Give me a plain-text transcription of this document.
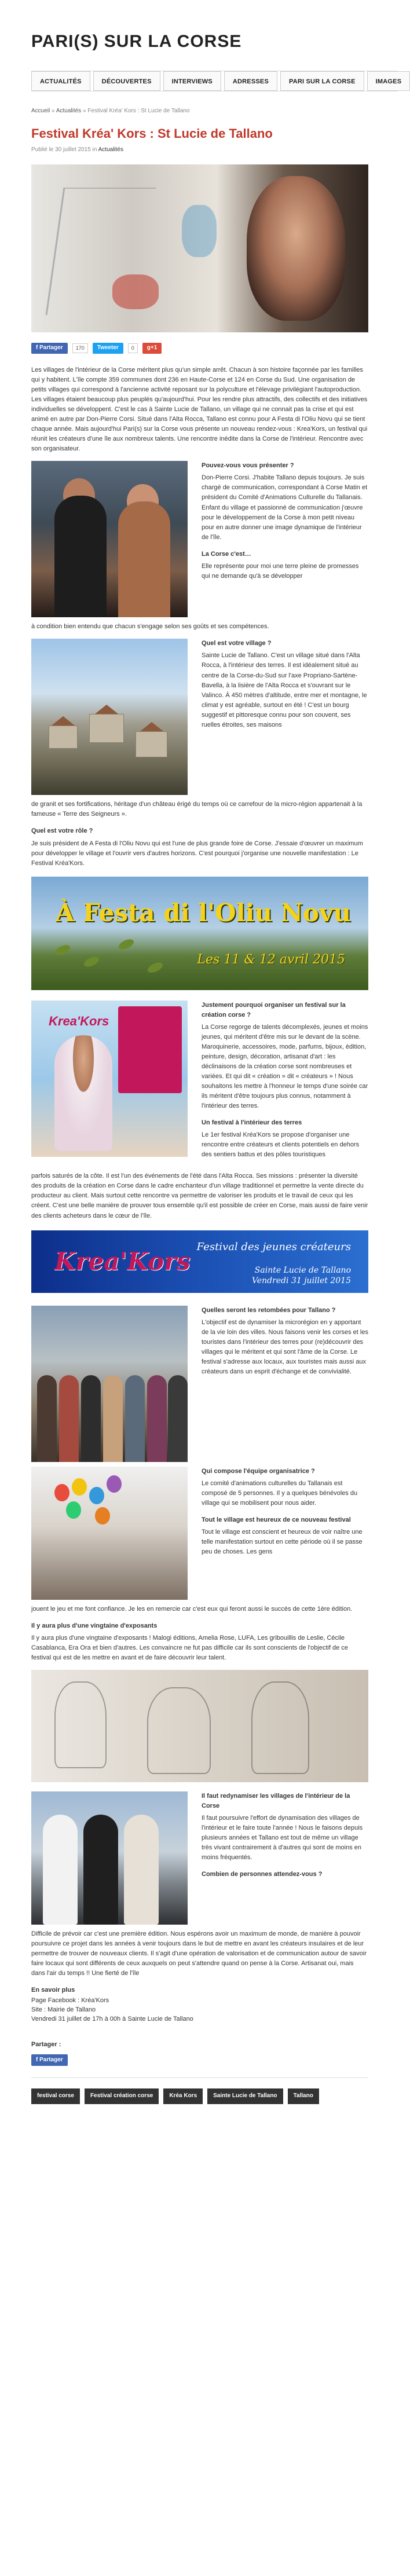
PARI(S) SUR LA CORSE
ACTUALITÉS	DÉCOUVERTES	INTERVIEWS	ADRESSES	PARI SUR LA CORSE	IMAGES
Accueil » Actualités » Festival Kréa' Kors : St Lucie de Tallano
Festival Kréa' Kors : St Lucie de Tallano
Publié le 30 juillet 2015 in Actualités
f Partager	170	Tweeter	0	g+1

Les villages de l'intérieur de la Corse méritent plus qu'un simple arrêt. Chacun à son histoire façonnée par les familles qui y habitent. L'île compte 359 communes dont 236 en Haute-Corse et 124 en Corse du Sud. Une organisation de petits villages qui correspond à l'ancienne activité reposant sur la polyculture et l'élevage privilégiant l'autoproduction. Les villages étaient beaucoup plus peuplés qu'aujourd'hui. Pour les rendre plus attractifs, des collectifs et des initiatives individuelles se développent. C'est le cas à Sainte Lucie de Tallano, un village qui ne connait pas la crise et qui est animé en autre par Don-Pierre Corsi. Situé dans l'Alta Rocca, Tallano est connu pour A Festa di l'Oliu Novu qui se tient chaque année. Mais aujourd'hui Pari(s) sur la Corse vous présente un nouveau rendez-vous : Krea'Kors, un festival qui réunit les créateurs d'une île aux nombreux talents. Une rencontre inédite dans la Corse de l'intérieur. Rencontre avec son organisateur.

Pouvez-vous vous présenter ?

Don-Pierre Corsi. J'habite Tallano depuis toujours. Je suis chargé de communication, correspondant à Corse Matin et président du Comité d'Animations Culturelle du Tallanais. Enfant du village et passionné de communication j'œuvre pour le développement de la Corse à mon petit niveau pour en autre donner une image dynamique de l'intérieur de l'île.

La Corse c'est…

Elle représente pour moi une terre pleine de promesses qui ne demande qu'à se développer

à condition bien entendu que chacun s'engage selon ses goûts et ses compétences.

Quel est votre village ?

Sainte Lucie de Tallano. C'est un village situé dans l'Alta Rocca, à l'intérieur des terres. Il est idéalement situé au centre de la Corse-du-Sud sur l'axe Propriano-Sartène-Bavella, à la lisière de l'Alta Rocca et s'ouvrant sur le Valinco. À 450 mètres d'altitude, entre mer et montagne, le climat y est agréable, surtout en été ! C'est un bourg suggestif et pittoresque connu pour son couvent, ses ruelles étroites, ses maisons

de granit et ses fortifications, héritage d'un château érigé du temps où ce carrefour de la micro-région appartenait à la fameuse « Terre des Seigneurs ».

Quel est votre rôle ?

Je suis président de A Festa di l'Oliu Novu qui est l'une de plus grande foire de Corse. J'essaie d'œuvrer un maximum pour développer le village et l'ouvrir vers d'autres horizons. C'est pourquoi j'organise une nouvelle manifestation : Le Festival Kréa'Kors.

À Festa di l'Oliu Novu
Les 11 & 12 avril 2015
Krea'Kors

Justement pourquoi organiser un festival sur la création corse ?

La Corse regorge de talents décomplexés, jeunes et moins jeunes, qui méritent d'être mis sur le devant de la scène. Maroquinerie, accessoires, mode, parfums, bijoux, édition, peinture, design, décoration, artisanat d'art : les déclinaisons de la création corse sont nombreuses et variées. Et qui dit « création » dit « créateurs » ! Nous souhaitons les mettre à l'honneur le temps d'une soirée car ils méritent d'être toujours plus connus, notamment à l'intérieur des terres.

Un festival à l'intérieur des terres

Le 1er festival Kréa'Kors se propose d'organiser une rencontre entre créateurs et clients potentiels en dehors des sentiers battus et des pôles touristiques

parfois saturés de la côte. Il est l'un des événements de l'été dans l'Alta Rocca. Ses missions : présenter la diversité des produits de la création en Corse dans le cadre enchanteur d'un village traditionnel et permettre la vente directe du producteur au client. Mais surtout cette rencontre va permettre de valoriser les produits et le travail de ceux qui les créent. C'est une belle manière de prouver tous ensemble qu'il est possible de créer en Corse, mais aussi de faire venir des clients acheteurs dans le cœur de l'île.

Krea'Kors
Festival des jeunes créateurs
Sainte Lucie de Tallano
Vendredi 31 juillet 2015

Quelles seront les retombées pour Tallano ?

L'objectif est de dynamiser la microrégion en y apportant de la vie loin des villes. Nous faisons venir les corses et les touristes dans l'intérieur des terres pour (re)découvrir des villages qui le méritent et qui sont l'âme de la Corse. Le festival s'adresse aux locaux, aux touristes mais aussi aux créateurs dans un esprit d'échange et de convivialité.

Qui compose l'équipe organisatrice ?

Le comité d'animations culturelles du Tallanais est composé de 5 personnes. Il y a quelques bénévoles du village qui se mobilisent pour nous aider.

Tout le village est heureux de ce nouveau festival

Tout le village est conscient et heureux de voir naître une telle manifestation surtout en cette période où il se passe peu de choses. Les gens

jouent le jeu et me font confiance. Je les en remercie car c'est eux qui feront aussi le succès de cette 1ère édition.

Il y aura plus d'une vingtaine d'exposants

Il y aura plus d'une vingtaine d'exposants ! Malogi éditions, Amelia Rose, LUFA, Les gribouillis de Leslie, Cécile Casablanca, Era Ora et bien d'autres. Les convaincre ne fut pas difficile car ils sont conscients de l'objectif de ce festival qui est de les mettre en avant et de faire découvrir leur talent.

Il faut redynamiser les villages de l'intérieur de la Corse

Il faut poursuivre l'effort de dynamisation des villages de l'intérieur et le faire toute l'année ! Nous le faisons depuis plusieurs années et Tallano est tout de même un village très vivant contrairement à d'autres qui sont de moins en moins fréquentés.

Combien de personnes attendez-vous ?

Difficile de prévoir car c'est une première édition. Nous espérons avoir un maximum de monde, de manière à pouvoir poursuivre ce projet dans les années à venir toujours dans le but de mettre en avant les créateurs insulaires et de leur permettre de trouver de nouveaux clients. Il s'agit d'une opération de valorisation et de communication autour de savoir faire locaux qui sont différents de ceux auxquels on peut s'attendre quand on pense à la Corse. Artisanat oui, mais dans l'air du temps !! Une fierté de l'île

En savoir plus

Page Facebook : Kréa'Kors
Site : Mairie de Tallano
Vendredi 31 juillet de 17h à 00h à Sainte Lucie de Tallano
Partager :
f Partager
festival corse	Festival création corse	Kréa Kors	Sainte Lucie de Tallano	Tallano
